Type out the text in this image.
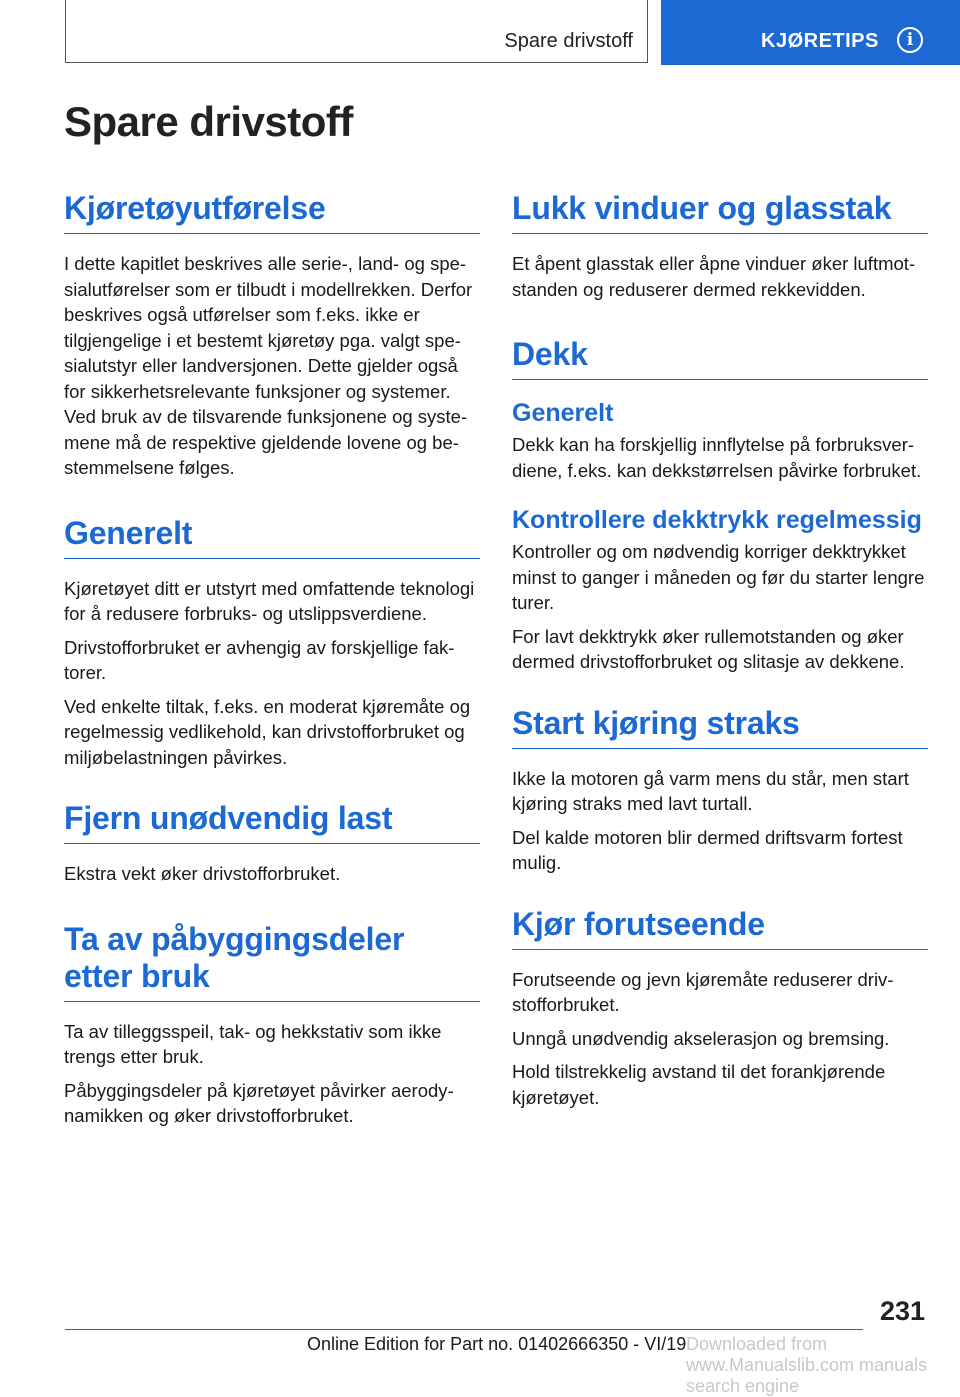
Spare drivstoff	KJØRETIPS	i
Spare drivstoff
Kjøretøyutførelse

I dette kapitlet beskrives alle serie-, land- og spesialutførelser som er tilbudt i modellrekken. Derfor beskrives også utførelser som f.eks. ikke er tilgjengelige i et bestemt kjøretøy pga. valgt spesialutstyr eller landversjonen. Dette gjelder også for sikkerhetsrelevante funksjoner og systemer. Ved bruk av de tilsvarende funksjonene og systemene må de respektive gjeldende lovene og bestemmelsene følges.

Generelt

Kjøretøyet ditt er utstyrt med omfattende teknologi for å redusere forbruks- og utslippsverdiene.

Drivstofforbruket er avhengig av forskjellige faktorer.

Ved enkelte tiltak, f.eks. en moderat kjøremåte og regelmessig vedlikehold, kan drivstofforbruket og miljøbelastningen påvirkes.

Fjern unødvendig last

Ekstra vekt øker drivstofforbruket.

Ta av påbyggingsdeler etter bruk

Ta av tilleggsspeil, tak- og hekkstativ som ikke trengs etter bruk.

Påbyggingsdeler på kjøretøyet påvirker aerodynamikken og øker drivstofforbruket.

Lukk vinduer og glasstak

Et åpent glasstak eller åpne vinduer øker luftmotstanden og reduserer dermed rekkevidden.

Dekk
Generelt

Dekk kan ha forskjellig innflytelse på forbruksverdiene, f.eks. kan dekkstørrelsen påvirke forbruket.

Kontrollere dekktrykk regelmessig

Kontroller og om nødvendig korriger dekktrykket minst to ganger i måneden og før du starter lengre turer.

For lavt dekktrykk øker rullemotstanden og øker dermed drivstofforbruket og slitasje av dekkene.

Start kjøring straks

Ikke la motoren gå varm mens du står, men start kjøring straks med lavt turtall.

Del kalde motoren blir dermed driftsvarm fortest mulig.

Kjør forutseende

Forutseende og jevn kjøremåte reduserer drivstofforbruket.

Unngå unødvendig akselerasjon og bremsing.

Hold tilstrekkelig avstand til det forankjørende kjøretøyet.

231
Online Edition for Part no. 01402666350 - VI/19 Downloaded from www.Manualslib.com manuals search engine
